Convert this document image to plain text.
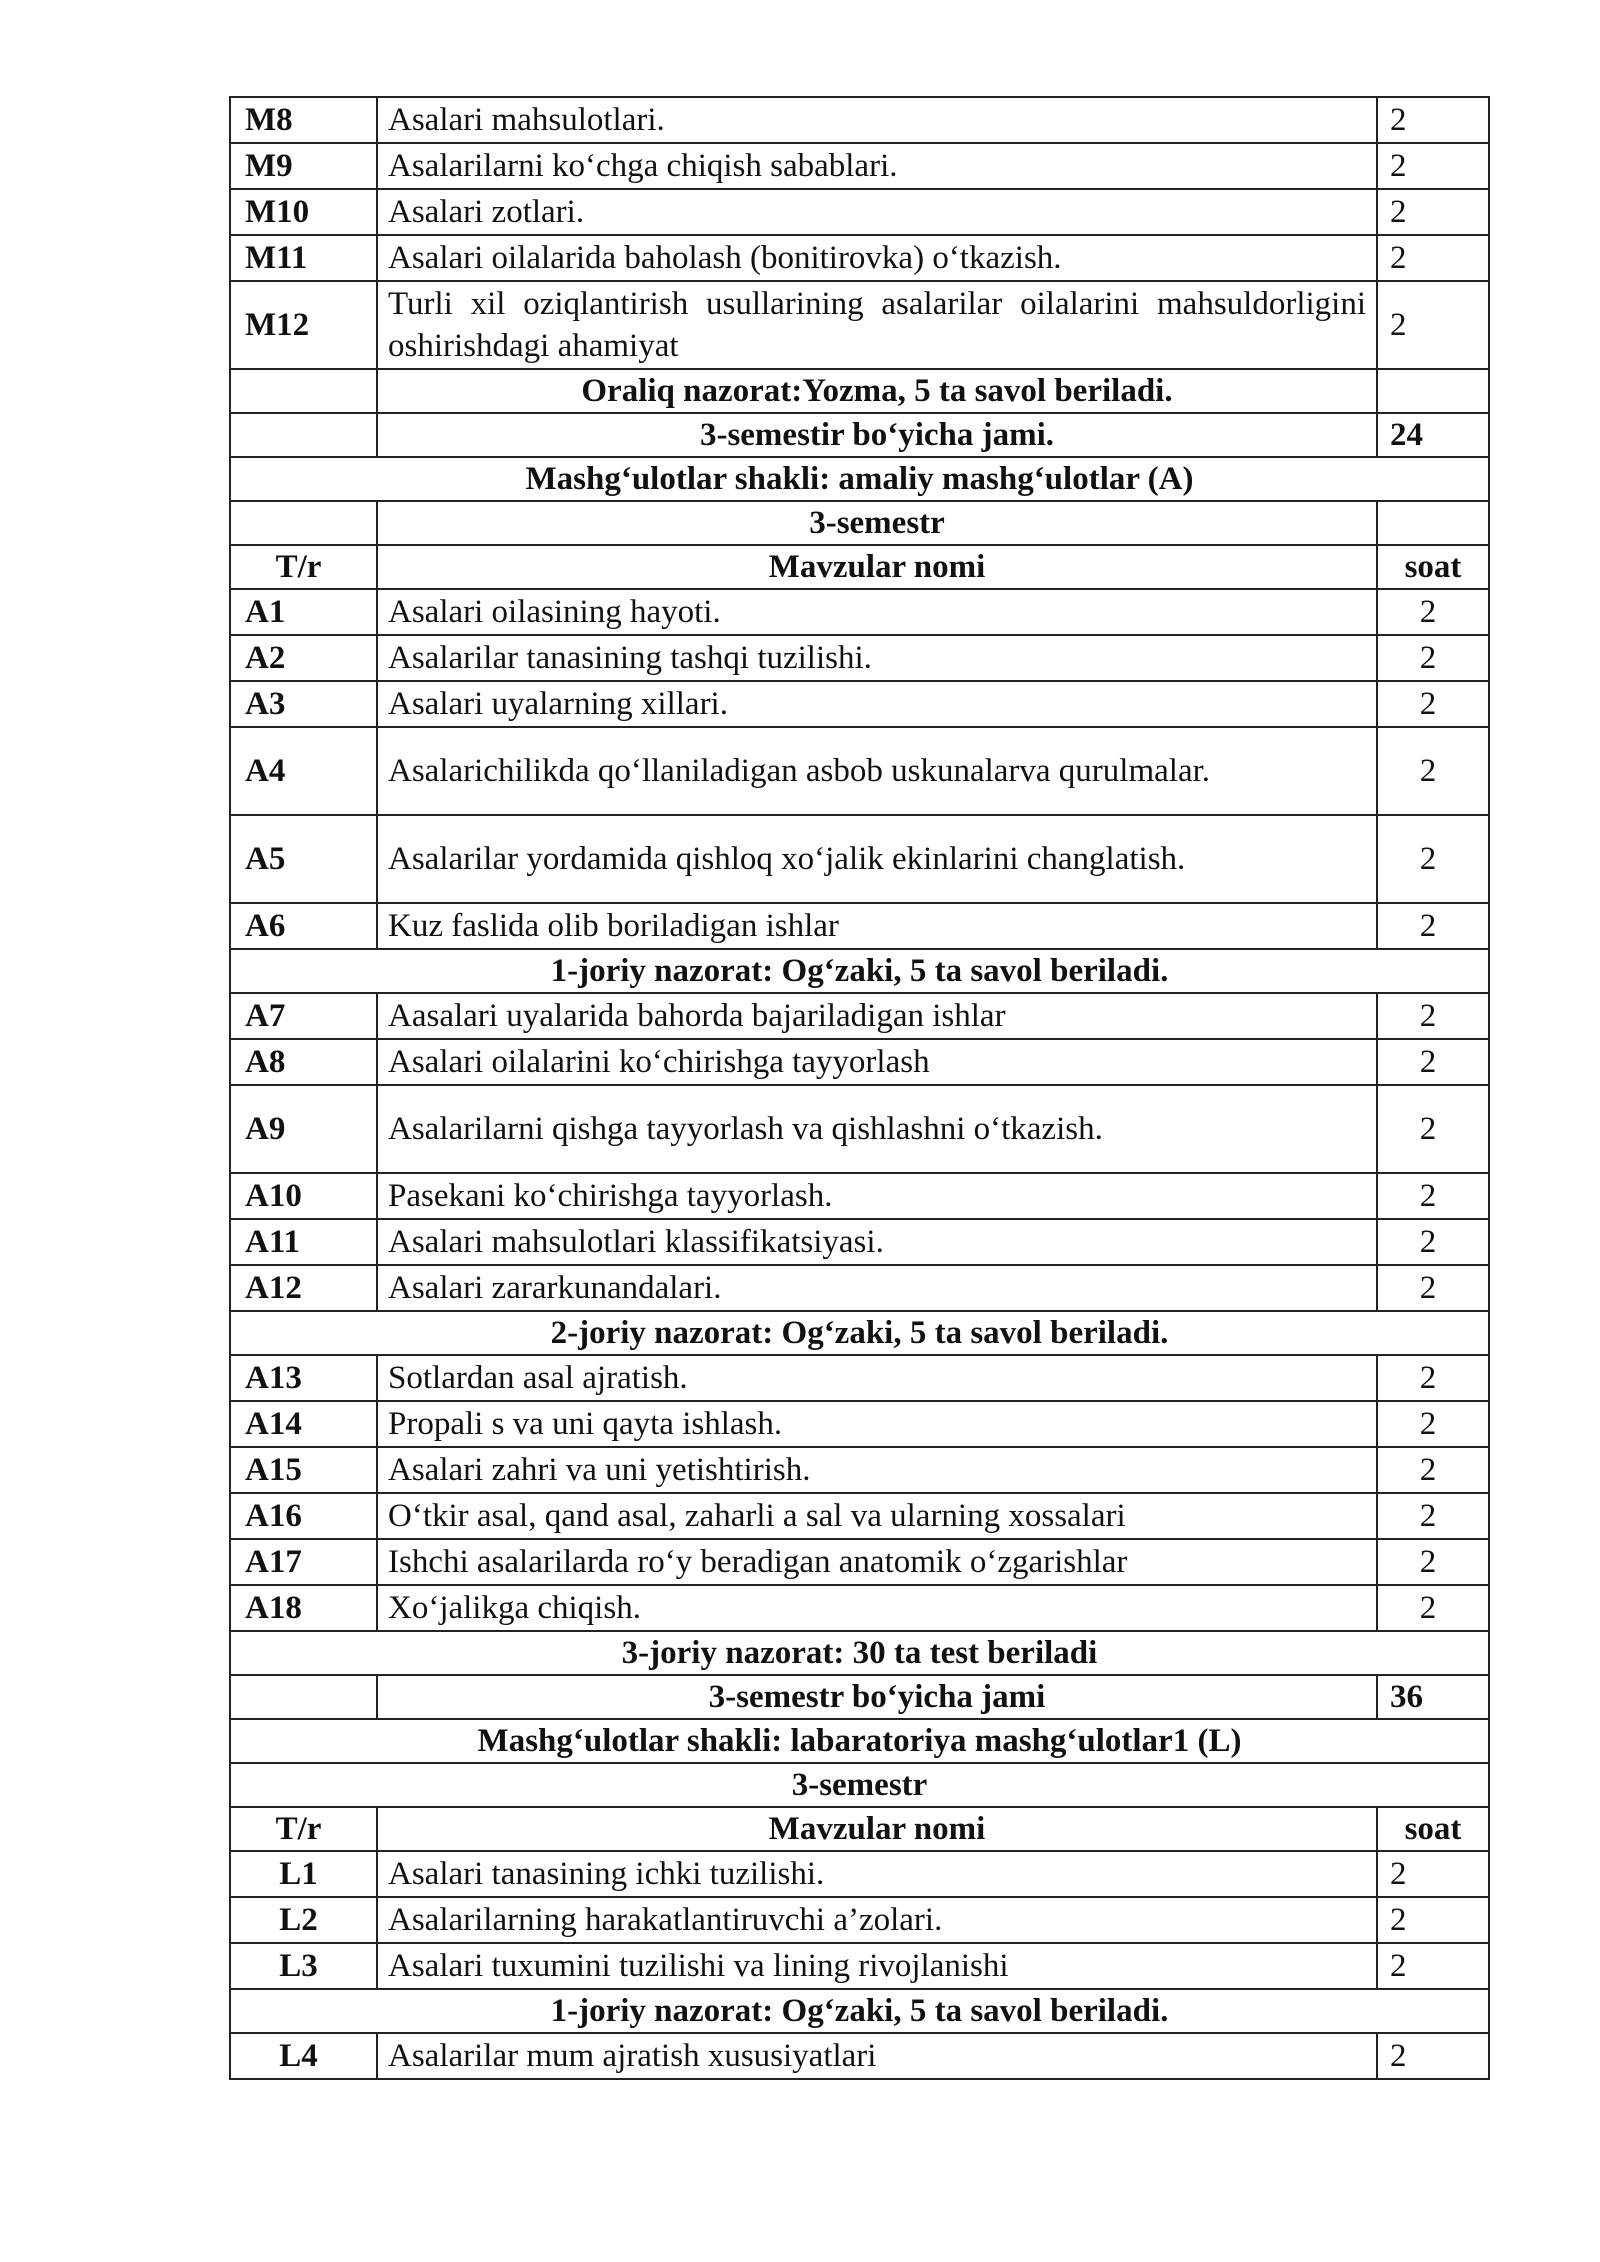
M8	Asalari mahsulotlari.	2
M9	Asalarilarni ko‘chga chiqish sabablari.	2
M10	Asalari zotlari.	2
M11	Asalari oilalarida baholash (bonitirovka) o‘tkazish.	2
M12	Turli xil oziqlantirish usullarining asalarilar oilalarini mahsuldorligini oshirishdagi ahamiyat	2
	Oraliq nazorat:Yozma, 5 ta savol beriladi.	
	3-semestir bo‘yicha jami.	24
Mashg‘ulotlar shakli: amaliy mashg‘ulotlar (A)		
	3-semestr	
T/r	Mavzular nomi	soat
A1	Asalari oilasining hayoti.	2
A2	Asalarilar tanasining tashqi tuzilishi.	2
A3	Asalari uyalarning xillari.	2
A4	Asalarichilikda qo‘llaniladigan asbob uskunalarva qurulmalar.	2
A5	Asalarilar yordamida qishloq xo‘jalik ekinlarini changlatish.	2
A6	Kuz faslida olib boriladigan ishlar	2
1-joriy nazorat: Og‘zaki, 5 ta savol beriladi.		
A7	Aasalari uyalarida bahorda bajariladigan ishlar	2
A8	Asalari oilalarini ko‘chirishga tayyorlash	2
A9	Asalarilarni qishga tayyorlash va qishlashni o‘tkazish.	2
A10	Pasekani ko‘chirishga tayyorlash.	2
A11	Asalari mahsulotlari klassifikatsiyasi.	2
A12	Asalari zararkunandalari.	2
2-joriy nazorat: Og‘zaki, 5 ta savol beriladi.		
A13	Sotlardan asal ajratish.	2
A14	Propali s va uni qayta ishlash.	2
A15	Asalari zahri va uni yetishtirish.	2
A16	O‘tkir asal, qand asal, zaharli a sal va ularning xossalari	2
A17	Ishchi asalarilarda ro‘y beradigan anatomik o‘zgarishlar	2
A18	Xo‘jalikga chiqish.	2
3-joriy nazorat: 30 ta test beriladi		
	3-semestr bo‘yicha jami	36
Mashg‘ulotlar shakli: labaratoriya mashg‘ulotlar1 (L)		
3-semestr		
T/r	Mavzular nomi	soat
L1	Asalari tanasining ichki tuzilishi.	2
L2	Asalarilarning harakatlantiruvchi a’zolari.	2
L3	Asalari tuxumini tuzilishi va lining rivojlanishi	2
1-joriy nazorat: Og‘zaki, 5 ta savol beriladi.		
L4	Asalarilar mum ajratish xususiyatlari	2
